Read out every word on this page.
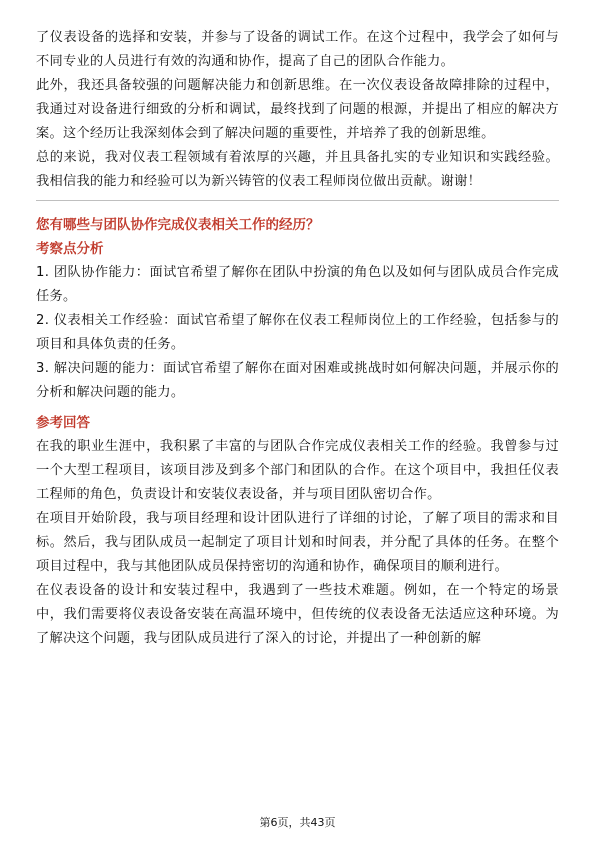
了仪表设备的选择和安装，并参与了设备的调试工作。在这个过程中，我学会了如何与不同专业的人员进行有效的沟通和协作，提高了自己的团队合作能力。

此外，我还具备较强的问题解决能力和创新思维。在一次仪表设备故障排除的过程中，我通过对设备进行细致的分析和调试，最终找到了问题的根源，并提出了相应的解决方案。这个经历让我深刻体会到了解决问题的重要性，并培养了我的创新思维。

总的来说，我对仪表工程领域有着浓厚的兴趣，并且具备扎实的专业知识和实践经验。我相信我的能力和经验可以为新兴铸管的仪表工程师岗位做出贡献。谢谢！

您有哪些与团队协作完成仪表相关工作的经历？

考察点分析

1. 团队协作能力：面试官希望了解你在团队中扮演的角色以及如何与团队成员合作完成任务。

2. 仪表相关工作经验：面试官希望了解你在仪表工程师岗位上的工作经验，包括参与的项目和具体负责的任务。

3. 解决问题的能力：面试官希望了解你在面对困难或挑战时如何解决问题，并展示你的分析和解决问题的能力。

参考回答

在我的职业生涯中，我积累了丰富的与团队合作完成仪表相关工作的经验。我曾参与过一个大型工程项目，该项目涉及到多个部门和团队的合作。在这个项目中，我担任仪表工程师的角色，负责设计和安装仪表设备，并与项目团队密切合作。

在项目开始阶段，我与项目经理和设计团队进行了详细的讨论，了解了项目的需求和目标。然后，我与团队成员一起制定了项目计划和时间表，并分配了具体的任务。在整个项目过程中，我与其他团队成员保持密切的沟通和协作，确保项目的顺利进行。

在仪表设备的设计和安装过程中，我遇到了一些技术难题。例如，在一个特定的场景中，我们需要将仪表设备安装在高温环境中，但传统的仪表设备无法适应这种环境。为了解决这个问题，我与团队成员进行了深入的讨论，并提出了一种创新的解

第6页，共43页
